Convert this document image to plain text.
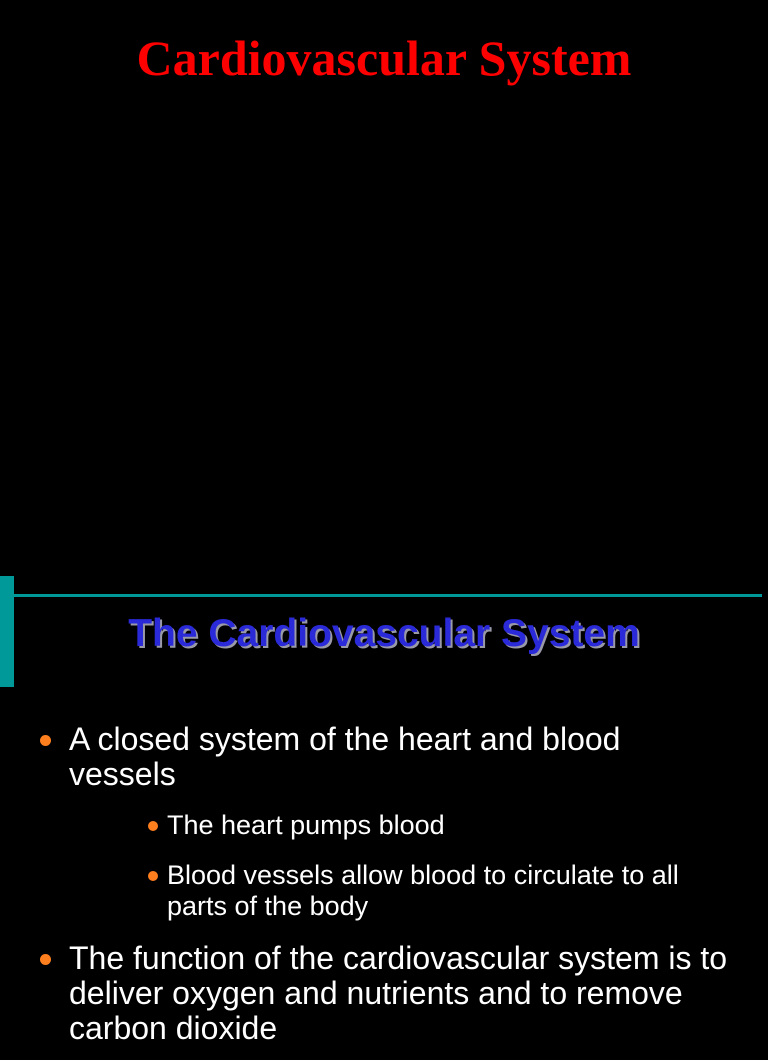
Cardiovascular System
The Cardiovascular System
A closed system of the heart and blood vessels
The heart pumps blood
Blood vessels allow blood to circulate to all parts of the body
The function of the cardiovascular system is to deliver oxygen and nutrients and to remove carbon dioxide
